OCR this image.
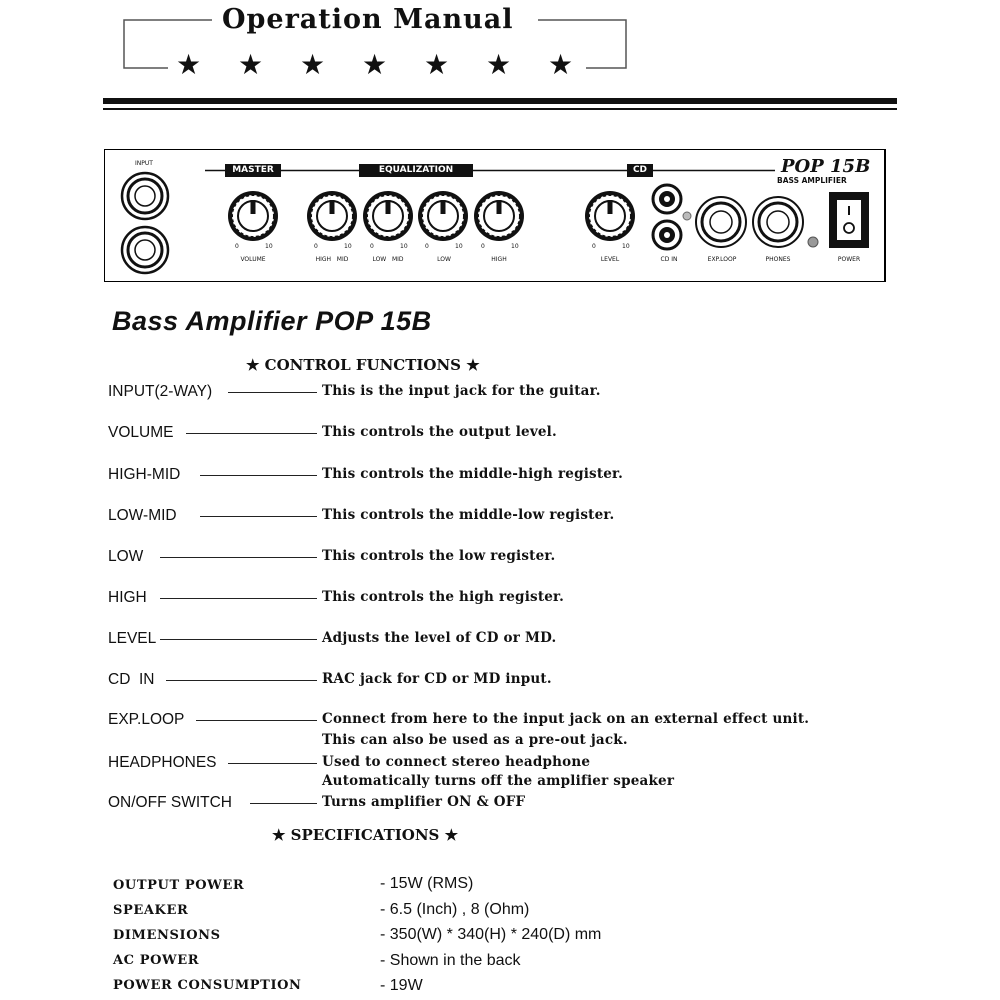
Operation Manual
★ ★ ★ ★ ★ ★ ★
INPUT
MASTER	EQUALIZATION	CD	POP 15B
BASS AMPLIFIER
0	10
VOLUME
0	10
HIGH   MID
0	10
LOW   MID
0	10
LOW
0	10
HIGH
0	10
LEVEL	CD IN	EXP.LOOP	PHONES	POWER
Bass Amplifier POP 15B
★ CONTROL FUNCTIONS ★
INPUT(2-WAY)	This is the input jack for the guitar.
VOLUME	This controls the output level.
HIGH-MID	This controls the middle-high register.
LOW-MID	This controls the middle-low register.
LOW	This controls the low register.
HIGH	This controls the high register.
LEVEL	Adjusts the level of CD or MD.
CD  IN	RAC jack for CD or MD input.
EXP.LOOP	Connect from here to the input jack on an external effect unit.
This can also be used as a pre-out jack.
HEADPHONES	Used to connect stereo headphone
Automatically turns off the amplifier speaker
ON/OFF SWITCH	Turns amplifier ON & OFF
★ SPECIFICATIONS ★
OUTPUT POWER	- 15W (RMS)
SPEAKER	- 6.5 (Inch) , 8 (Ohm)
DIMENSIONS	- 350(W) * 340(H) * 240(D) mm
AC POWER	- Shown in the back
POWER CONSUMPTION	- 19W
